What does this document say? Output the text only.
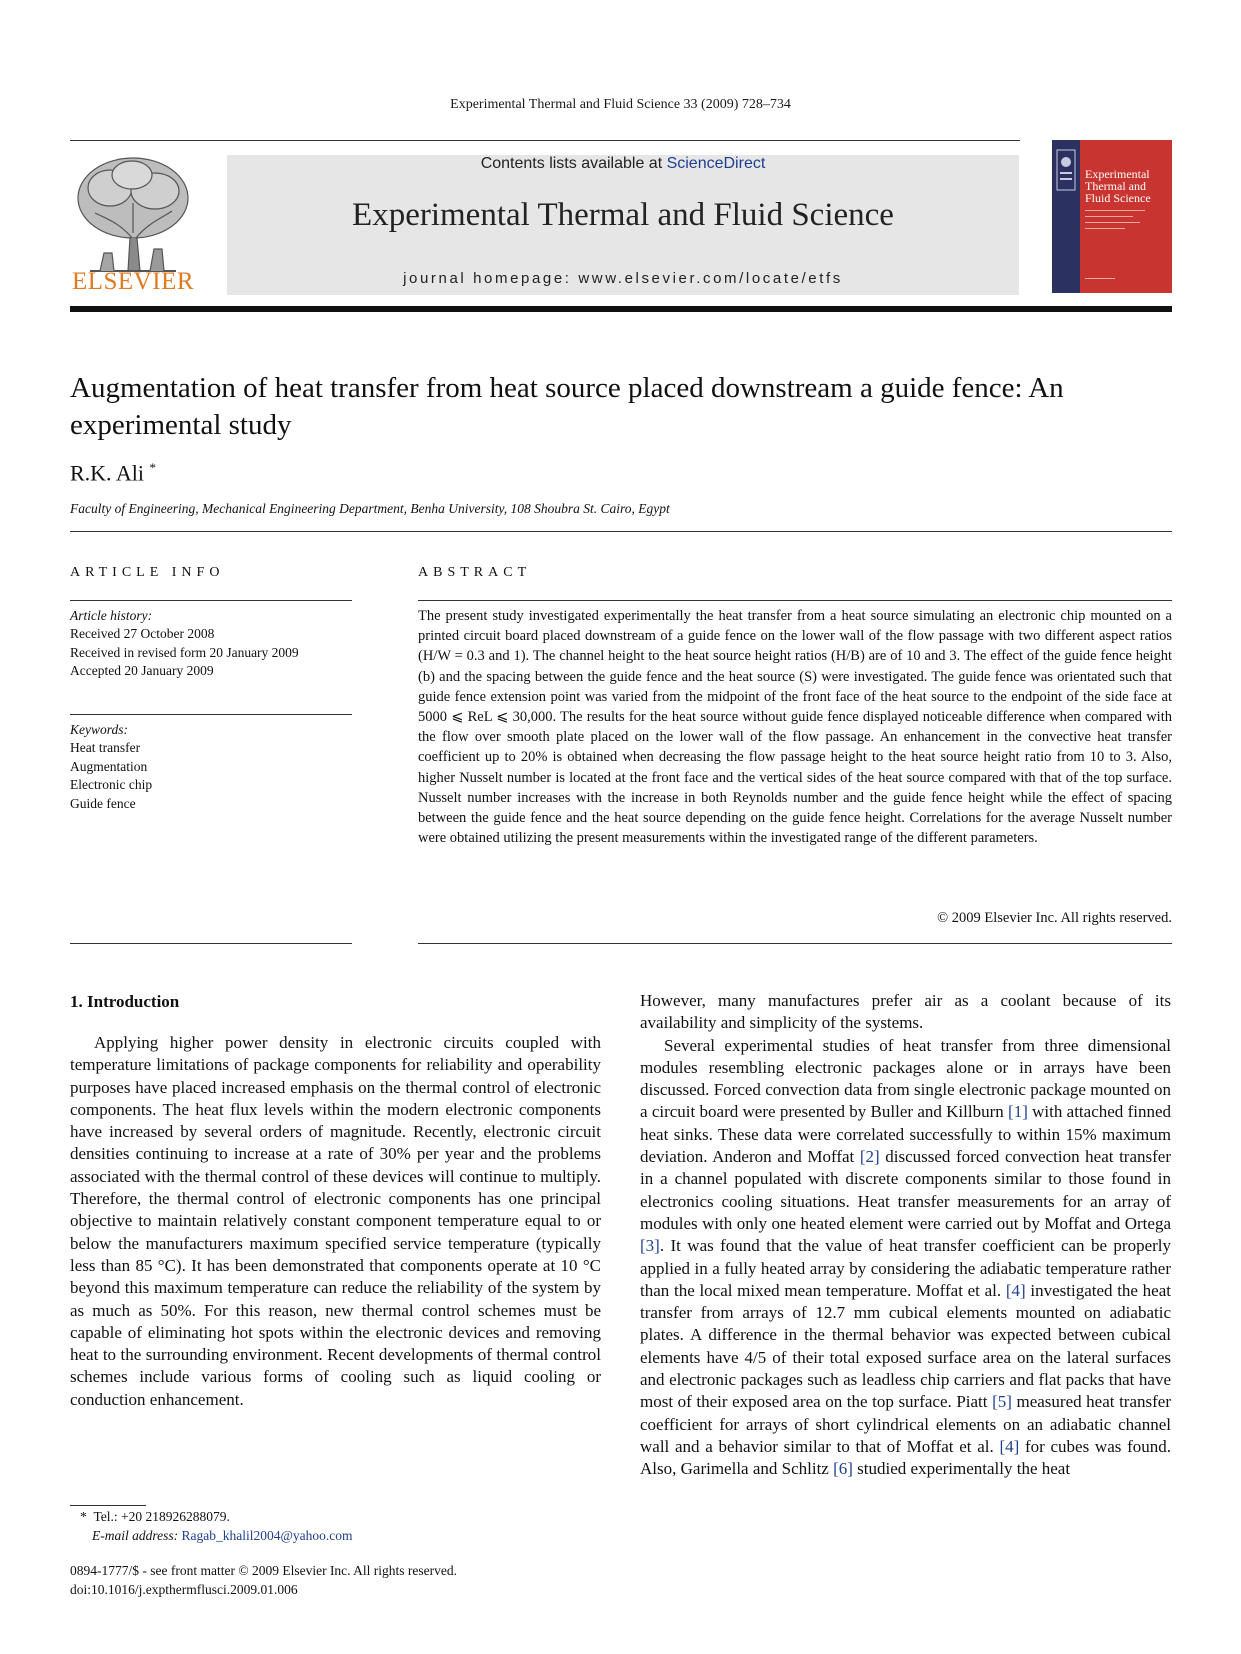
Experimental Thermal and Fluid Science 33 (2009) 728–734
ELSEVIER
Contents lists available at ScienceDirect
Experimental Thermal and Fluid Science
journal homepage: www.elsevier.com/locate/etfs
Experimental
Thermal and
Fluid Science
Augmentation of heat transfer from heat source placed downstream a guide fence: An experimental study
R.K. Ali *
Faculty of Engineering, Mechanical Engineering Department, Benha University, 108 Shoubra St. Cairo, Egypt
ARTICLE INFO	ABSTRACT
Article history:
Received 27 October 2008
Received in revised form 20 January 2009
Accepted 20 January 2009
Keywords:
Heat transfer
Augmentation
Electronic chip
Guide fence
The present study investigated experimentally the heat transfer from a heat source simulating an electronic chip mounted on a printed circuit board placed downstream of a guide fence on the lower wall of the flow passage with two different aspect ratios (H/W = 0.3 and 1). The channel height to the heat source height ratios (H/B) are of 10 and 3. The effect of the guide fence height (b) and the spacing between the guide fence and the heat source (S) were investigated. The guide fence was orientated such that guide fence extension point was varied from the midpoint of the front face of the heat source to the endpoint of the side face at 5000 ⩽ ReL ⩽ 30,000. The results for the heat source without guide fence displayed noticeable difference when compared with the flow over smooth plate placed on the lower wall of the flow passage. An enhancement in the convective heat transfer coefficient up to 20% is obtained when decreasing the flow passage height to the heat source height ratio from 10 to 3. Also, higher Nusselt number is located at the front face and the vertical sides of the heat source compared with that of the top surface. Nusselt number increases with the increase in both Reynolds number and the guide fence height while the effect of spacing between the guide fence and the heat source depending on the guide fence height. Correlations for the average Nusselt number were obtained utilizing the present measurements within the investigated range of the different parameters.
© 2009 Elsevier Inc. All rights reserved.
1. Introduction
Applying higher power density in electronic circuits coupled with temperature limitations of package components for reliability and operability purposes have placed increased emphasis on the thermal control of electronic components. The heat flux levels within the modern electronic components have increased by several orders of magnitude. Recently, electronic circuit densities continuing to increase at a rate of 30% per year and the problems associated with the thermal control of these devices will continue to multiply. Therefore, the thermal control of electronic components has one principal objective to maintain relatively constant component temperature equal to or below the manufacturers maximum specified service temperature (typically less than 85 °C). It has been demonstrated that components operate at 10 °C beyond this maximum temperature can reduce the reliability of the system by as much as 50%. For this reason, new thermal control schemes must be capable of eliminating hot spots within the electronic devices and removing heat to the surrounding environment. Recent developments of thermal control schemes include various forms of cooling such as liquid cooling or conduction enhancement.

However, many manufactures prefer air as a coolant because of its availability and simplicity of the systems.

Several experimental studies of heat transfer from three dimensional modules resembling electronic packages alone or in arrays have been discussed. Forced convection data from single electronic package mounted on a circuit board were presented by Buller and Killburn [1] with attached finned heat sinks. These data were correlated successfully to within 15% maximum deviation. Anderon and Moffat [2] discussed forced convection heat transfer in a channel populated with discrete components similar to those found in electronics cooling situations. Heat transfer measurements for an array of modules with only one heated element were carried out by Moffat and Ortega [3]. It was found that the value of heat transfer coefficient can be properly applied in a fully heated array by considering the adiabatic temperature rather than the local mixed mean temperature. Moffat et al. [4] investigated the heat transfer from arrays of 12.7 mm cubical elements mounted on adiabatic plates. A difference in the thermal behavior was expected between cubical elements have 4/5 of their total exposed surface area on the lateral surfaces and electronic packages such as leadless chip carriers and flat packs that have most of their exposed area on the top surface. Piatt [5] measured heat transfer coefficient for arrays of short cylindrical elements on an adiabatic channel wall and a behavior similar to that of Moffat et al. [4] for cubes was found. Also, Garimella and Schlitz [6] studied experimentally the heat

* Tel.: +20 218926288079.
E-mail address: Ragab_khalil2004@yahoo.com
0894-1777/$ - see front matter © 2009 Elsevier Inc. All rights reserved.
doi:10.1016/j.expthermflusci.2009.01.006
